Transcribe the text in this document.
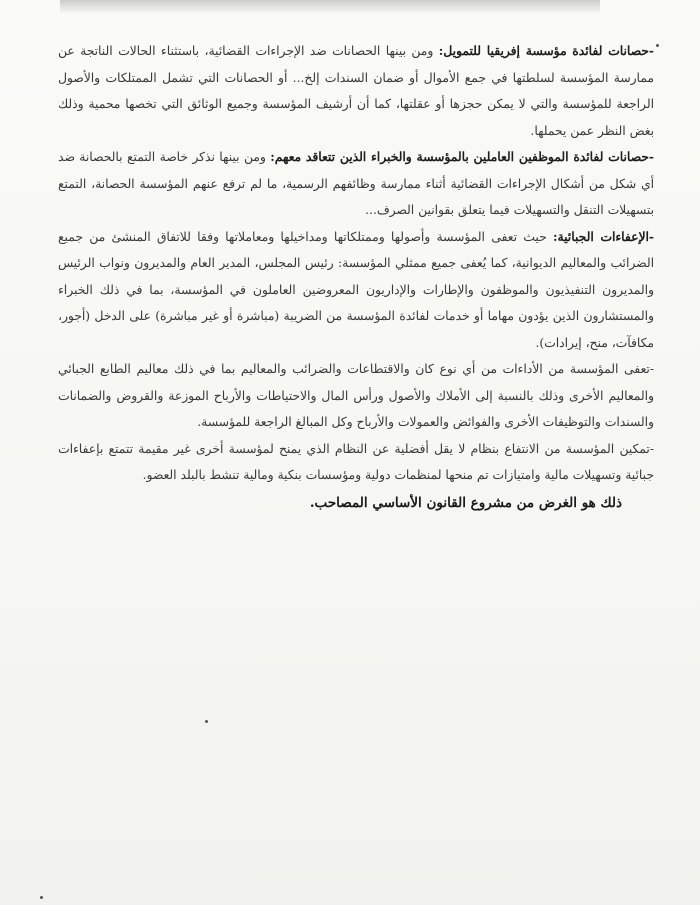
-حصانات لفائدة مؤسسة إفريقيا للتمويل: ومن بينها الحصانات ضد الإجراءات القضائية، باستثناء الحالات الناتجة عن ممارسة المؤسسة لسلطتها في جمع الأموال أو ضمان السندات إلخ... أو الحصانات التي تشمل الممتلكات والأصول الراجعة للمؤسسة والتي لا يمكن حجزها أو عقلتها، كما أن أرشيف المؤسسة وجميع الوثائق التي تخصها محمية وذلك بغض النظر عمن يحملها.

-حصانات لفائدة الموظفين العاملين بالمؤسسة والخبراء الذين تتعاقد معهم: ومن بينها نذكر خاصة التمتع بالحصانة ضد أي شكل من أشكال الإجراءات القضائية أثناء ممارسة وظائفهم الرسمية، ما لم ترفع عنهم المؤسسة الحصانة، التمتع بتسهيلات التنقل والتسهيلات فيما يتعلق بقوانين الصرف...

-الإعفاءات الجبائية: حيث تعفى المؤسسة وأصولها وممتلكاتها ومداخيلها ومعاملاتها وفقا للاتفاق المنشئ من جميع الضرائب والمعاليم الديوانية، كما يُعفى جميع ممثلي المؤسسة: رئيس المجلس، المدير العام والمديرون ونواب الرئيس والمديرون التنفيذيون والموظفون والإطارات والإداريون المعروضين العاملون في المؤسسة، بما في ذلك الخبراء والمستشارون الذين يؤدون مهاما أو خدمات لفائدة المؤسسة من الضريبة (مباشرة أو غير مباشرة) على الدخل (أجور، مكافآت، منح، إيرادات).

-تعفى المؤسسة من الأداءات من أي نوع كان والاقتطاعات والضرائب والمعاليم بما في ذلك معاليم الطابع الجبائي والمعاليم الأخرى وذلك بالنسبة إلى الأملاك والأصول ورأس المال والاحتياطات والأرباح الموزعة والقروض والضمانات والسندات والتوظيفات الأخرى والفوائض والعمولات والأرباح وكل المبالغ الراجعة للمؤسسة.

-تمكين المؤسسة من الانتفاع بنظام لا يقل أفضلية عن النظام الذي يمنح لمؤسسة أخرى غير مقيمة تتمتع بإعفاءات جبائية وتسهيلات مالية وامتيازات تم منحها لمنظمات دولية ومؤسسات بنكية ومالية تنشط بالبلد العضو.

ذلك هو الغرض من مشروع القانون الأساسي المصاحب.
